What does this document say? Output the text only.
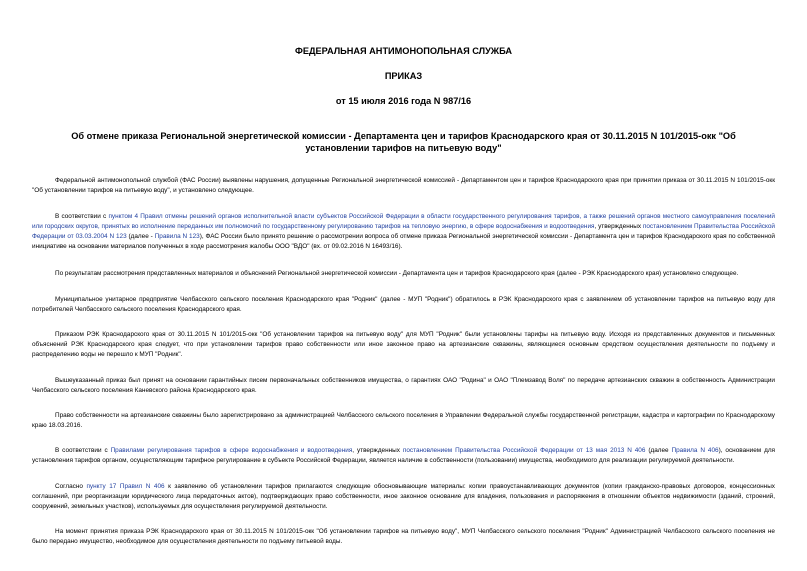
ФЕДЕРАЛЬНАЯ АНТИМОНОПОЛЬНАЯ СЛУЖБА
ПРИКАЗ
от 15 июля 2016 года N 987/16
Об отмене приказа Региональной энергетической комиссии - Департамента цен и тарифов Краснодарского края от 30.11.2015 N 101/2015-окк "Об установлении тарифов на питьевую воду"

Федеральной антимонопольной службой (ФАС России) выявлены нарушения, допущенные Региональной энергетической комиссией - Департаментом цен и тарифов Краснодарского края при принятии приказа от 30.11.2015 N 101/2015-окк "Об установлении тарифов на питьевую воду", и установлено следующее.

В соответствии с пунктом 4 Правил отмены решений органов исполнительной власти субъектов Российской Федерации в области государственного регулирования тарифов, а также решений органов местного самоуправления поселений или городских округов, принятых во исполнение переданных им полномочий по государственному регулированию тарифов на тепловую энергию, в сфере водоснабжения и водоотведения, утвержденных постановлением Правительства Российской Федерации от 03.03.2004 N 123 (далее - Правила N 123), ФАС России было принято решение о рассмотрении вопроса об отмене приказа Региональной энергетической комиссии - Департамента цен и тарифов Краснодарского края по собственной инициативе на основании материалов полученных в ходе рассмотрения жалобы ООО "ВДО" (вх. от 09.02.2016 N 16493/16).

По результатам рассмотрения представленных материалов и объяснений Региональной энергетической комиссии - Департамента цен и тарифов Краснодарского края (далее - РЭК Краснодарского края) установлено следующее.

Муниципальное унитарное предприятие Челбасского сельского поселения Краснодарского края "Родник" (далее - МУП "Родник") обратилось в РЭК Краснодарского края с заявлением об установлении тарифов на питьевую воду для потребителей Челбасского сельского поселения Краснодарского края.

Приказом РЭК Краснодарского края от 30.11.2015 N 101/2015-окк "Об установлении тарифов на питьевую воду" для МУП "Родник" были установлены тарифы на питьевую воду. Исходя из представленных документов и письменных объяснений РЭК Краснодарского края следует, что при установлении тарифов право собственности или иное законное право на артезианские скважины, являющиеся основным средством осуществления деятельности по подъему и распределению воды не перешло к МУП "Родник".

Вышеуказанный приказ был принят на основании гарантийных писем первоначальных собственников имущества, о гарантиях ОАО "Родина" и ОАО "Племзавод Воля" по передаче артезианских скважин в собственность Администрации Челбасского сельского поселения Каневского района Краснодарского края.

Право собственности на артезианские скважины было зарегистрировано за администрацией Челбасского сельского поселения в Управлении Федеральной службы государственной регистрации, кадастра и картографии по Краснодарскому краю 18.03.2016.

В соответствии с Правилами регулирования тарифов в сфере водоснабжения и водоотведения, утвержденных постановлением Правительства Российской Федерации от 13 мая 2013 N 406 (далее Правила N 406), основанием для установления тарифов органом, осуществляющим тарифное регулирование в субъекте Российской Федерации, является наличие в собственности (пользовании) имущества, необходимого для реализации регулируемой деятельности.

Согласно пункту 17 Правил N 406 к заявлению об установлении тарифов прилагаются следующие обосновывающие материалы: копии правоустанавливающих документов (копии гражданско-правовых договоров, концессионных соглашений, при реорганизации юридического лица передаточных актов), подтверждающих право собственности, иное законное основание для владения, пользования и распоряжения в отношении объектов недвижимости (зданий, строений, сооружений, земельных участков), используемых для осуществления регулируемой деятельности.

На момент принятия приказа РЭК Краснодарского края от 30.11.2015 N 101/2015-окк "Об установлении тарифов на питьевую воду", МУП Челбасского сельского поселения "Родник" Администрацией Челбасского сельского поселения не было передано имущество, необходимое для осуществления деятельности по подъему питьевой воды.
